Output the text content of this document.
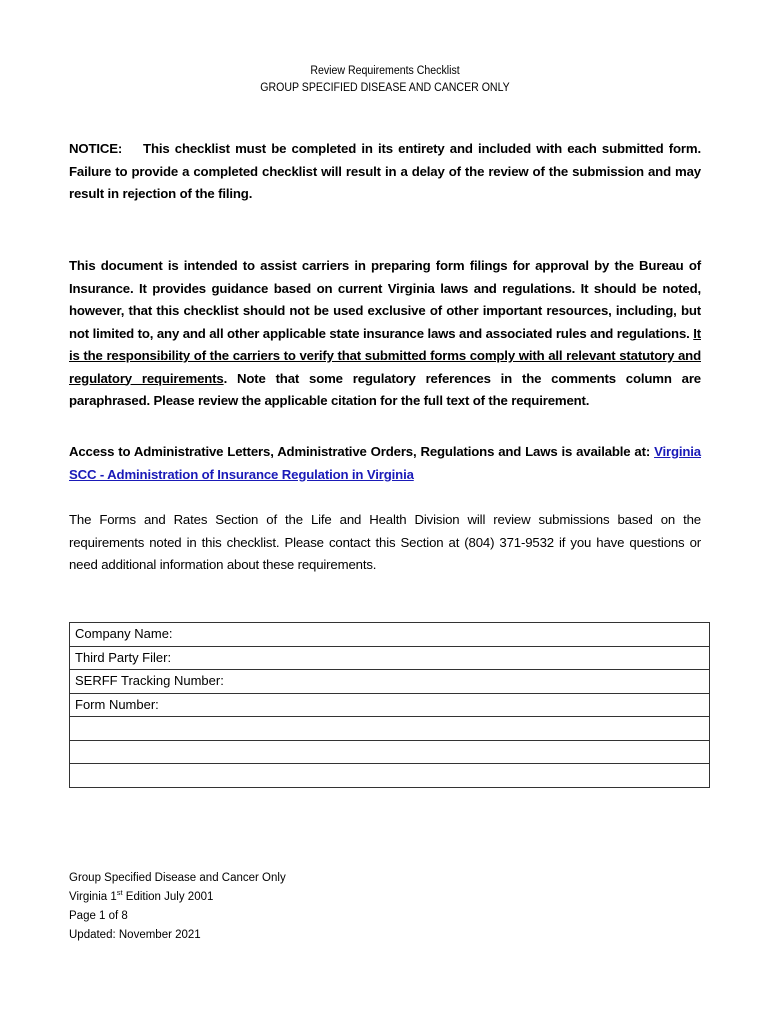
Review Requirements Checklist
GROUP SPECIFIED DISEASE AND CANCER ONLY
NOTICE: This checklist must be completed in its entirety and included with each submitted form. Failure to provide a completed checklist will result in a delay of the review of the submission and may result in rejection of the filing.
This document is intended to assist carriers in preparing form filings for approval by the Bureau of Insurance. It provides guidance based on current Virginia laws and regulations. It should be noted, however, that this checklist should not be used exclusive of other important resources, including, but not limited to, any and all other applicable state insurance laws and associated rules and regulations. It is the responsibility of the carriers to verify that submitted forms comply with all relevant statutory and regulatory requirements. Note that some regulatory references in the comments column are paraphrased. Please review the applicable citation for the full text of the requirement.
Access to Administrative Letters, Administrative Orders, Regulations and Laws is available at: Virginia SCC - Administration of Insurance Regulation in Virginia
The Forms and Rates Section of the Life and Health Division will review submissions based on the requirements noted in this checklist. Please contact this Section at (804) 371-9532 if you have questions or need additional information about these requirements.
Company Name:
Third Party Filer:
SERFF Tracking Number:
Form Number:

Group Specified Disease and Cancer Only
Virginia 1st Edition July 2001
Page 1 of 8
Updated: November 2021
